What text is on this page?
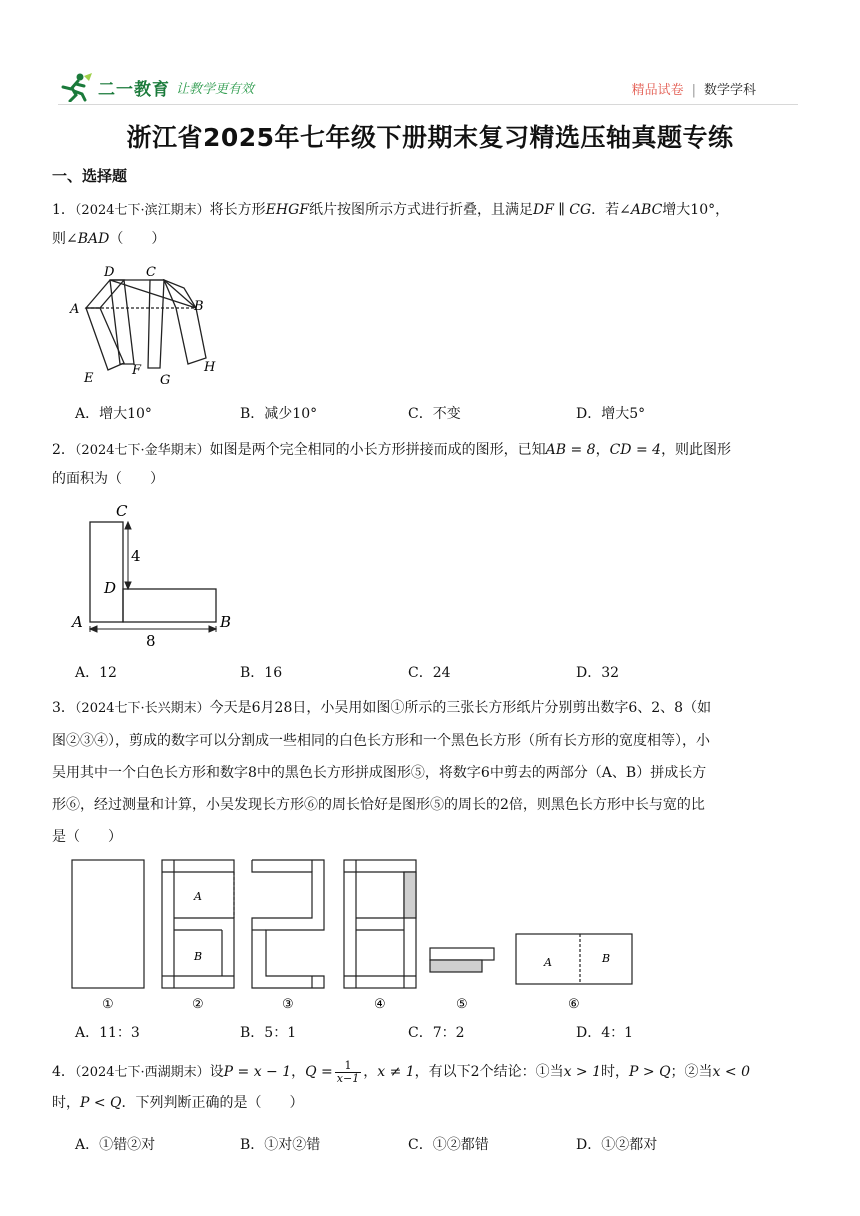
二一教育 让教学更有效	精品试卷 | 数学学科
浙江省2025年七年级下册期末复习精选压轴真题专练
一、选择题
1．（2024七下·滨江期末）将长方形EHGF纸片按图所示方式进行折叠，且满足DF ∥ CG．若∠ABC增大10°，
则∠BAD（　　）
D C
A	B
E
F
G
H
A．增大10°	B．减少10°	C．不变	D．增大5°
2．（2024七下·金华期末）如图是两个完全相同的小长方形拼接而成的图形，已知AB = 8，CD = 4，则此图形
的面积为（　　）
C
4
D
A
8
B
A．12	B．16	C．24	D．32
3．（2024七下·长兴期末）今天是6月28日，小吴用如图①所示的三张长方形纸片分别剪出数字6、2、8（如
图②③④），剪成的数字可以分割成一些相同的白色长方形和一个黑色长方形（所有长方形的宽度相等），小
吴用其中一个白色长方形和数字8中的黑色长方形拼成图形⑤，将数字6中剪去的两部分（A、B）拼成长方
形⑥，经过测量和计算，小吴发现长方形⑥的周长恰好是图形⑤的周长的2倍，则黑色长方形中长与宽的比
是（　　）
①	②	③	④	⑤	⑥
A
B	A	B
A．11：3	B．5：1	C．7：2	D．4：1
4．（2024七下·西湖期末）设P = x − 1，$Q = \frac{1}{x-1}$ ，x ≠ 1，有以下2个结论：①当x > 1时，P > Q；②当x < 0
时，P < Q．下列判断正确的是（　　）
A．①错②对	B．①对②错	C．①②都错	D．①②都对
